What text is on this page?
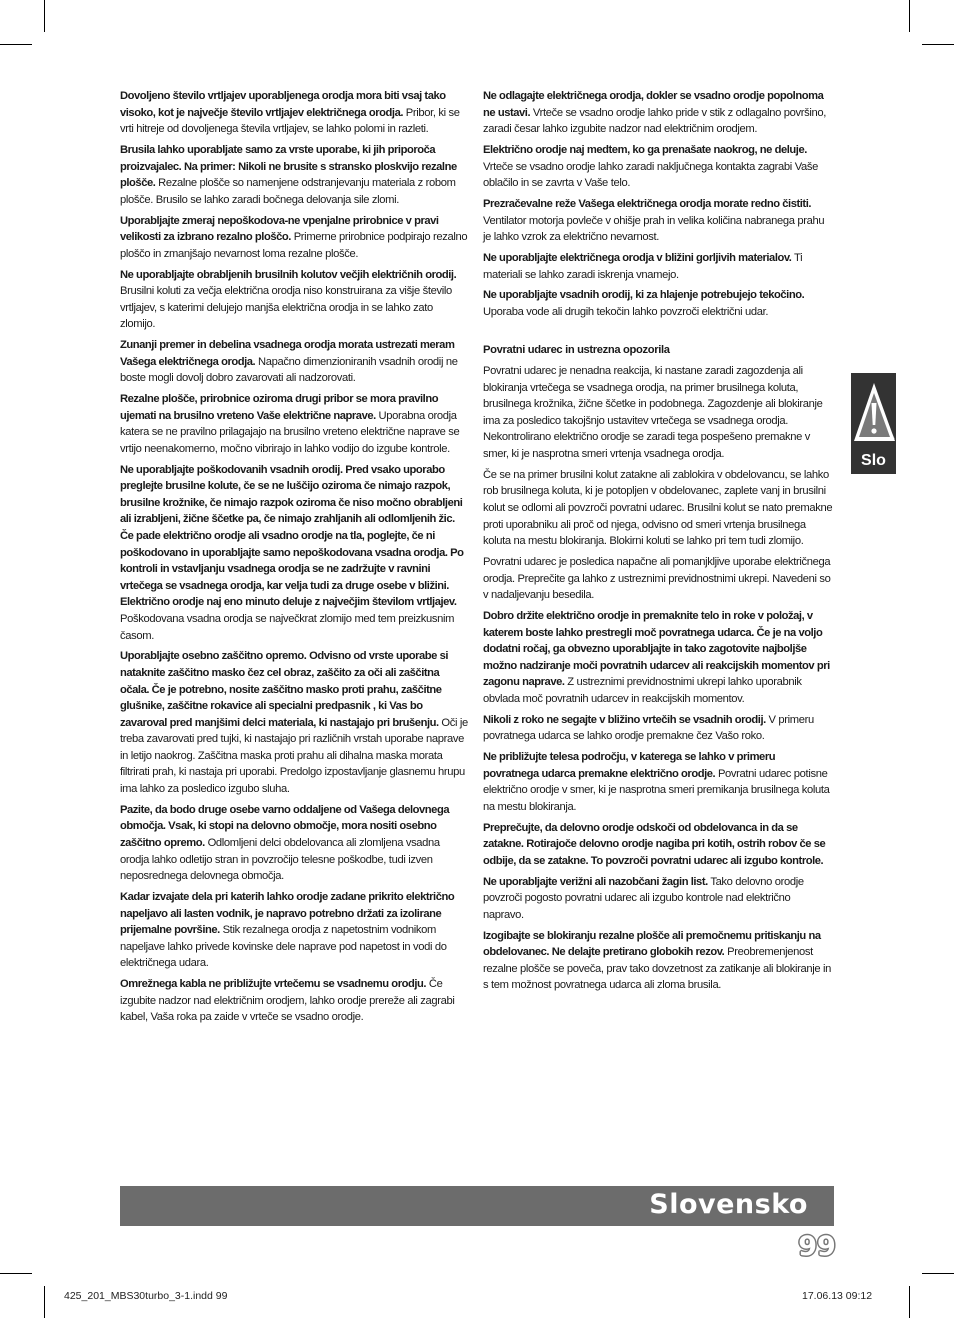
Dovoljeno število vrtljajev uporabljenega orodja mora biti vsaj tako visoko, kot je največje število vrtljajev električnega orodja. Pribor, ki se vrti hitreje od dovoljenega števila vrtljajev, se lahko polomi in razleti.

Brusila lahko uporabljate samo za vrste uporabe, ki jih priporoča proizvajalec. Na primer: Nikoli ne brusite s stransko ploskvijo rezalne plošče. Rezalne plošče so namenjene odstranjevanju materiala z robom plošče. Brusilo se lahko zaradi bočnega delovanja sile zlomi.

Uporabljajte zmeraj nepoškodova-ne vpenjalne prirobnice v pravi velikosti za izbrano rezalno ploščo. Primerne prirobnice podpirajo rezalno ploščo in zmanjšajo nevarnost loma rezalne plošče.

Ne uporabljajte obrabljenih brusilnih kolutov večjih električnih orodij. Brusilni koluti za večja električna orodja niso konstruirana za višje število vrtljajev, s katerimi delujejo manjša električna orodja in se lahko zato zlomijo.

Zunanji premer in debelina vsadnega orodja morata ustrezati meram Vašega električnega orodja. Napačno dimenzioniranih vsadnih orodij ne boste mogli dovolj dobro zavarovati ali nadzorovati.

Rezalne plošče, prirobnice oziroma drugi pribor se mora pravilno ujemati na brusilno vreteno Vaše električne naprave. Uporabna orodja katera se ne pravilno prilagajajo na brusilno vreteno električne naprave se vrtijo neenakomerno, močno vibrirajo in lahko vodijo do izgube kontrole.

Ne uporabljajte poškodovanih vsadnih orodij. Pred vsako uporabo preglejte brusilne kolute, če se ne luščijo oziroma če nimajo razpok, brusilne krožnike, če nimajo razpok oziroma če niso močno obrabljeni ali izrabljeni, žične ščetke pa, če nimajo zrahljanih ali odlomljenih žic. Če pade električno orodje ali vsadno orodje na tla, poglejte, če ni poškodovano in uporabljajte samo nepoškodovana vsadna orodja. Po kontroli in vstavljanju vsadnega orodja se ne zadržujte v ravnini vrtečega se vsadnega orodja, kar velja tudi za druge osebe v bližini. Električno orodje naj eno minuto deluje z največjim številom vrtljajev. Poškodovana vsadna orodja se največkrat zlomijo med tem preizkusnim časom.

Uporabljajte osebno zaščitno opremo. Odvisno od vrste uporabe si nataknite zaščitno masko čez cel obraz, zaščito za oči ali zaščitna očala. Če je potrebno, nosite zaščitno masko proti prahu, zaščitne glušnike, zaščitne rokavice ali specialni predpasnik , ki Vas bo zavaroval pred manjšimi delci materiala, ki nastajajo pri brušenju. Oči je treba zavarovati pred tujki, ki nastajajo pri različnih vrstah uporabe naprave in letijo naokrog. Zaščitna maska proti prahu ali dihalna maska morata filtrirati prah, ki nastaja pri uporabi. Predolgo izpostavljanje glasnemu hrupu ima lahko za posledico izgubo sluha.

Pazite, da bodo druge osebe varno oddaljene od Vašega delovnega območja. Vsak, ki stopi na delovno območje, mora nositi osebno zaščitno opremo. Odlomljeni delci obdelovanca ali zlomljena vsadna orodja lahko odletijo stran in povzročijo telesne poškodbe, tudi izven neposrednega delovnega območja.

Kadar izvajate dela pri katerih lahko orodje zadane prikrito električno napeljavo ali lasten vodnik, je napravo potrebno držati za izolirane prijemalne površine. Stik rezalnega orodja z napetostnim vodnikom napeljave lahko privede kovinske dele naprave pod napetost in vodi do električnega udara.

Omrežnega kabla ne približujte vrtečemu se vsadnemu orodju. Če izgubite nadzor nad električnim orodjem, lahko orodje prereže ali zagrabi kabel, Vaša roka pa zaide v vrteče se vsadno orodje.

Ne odlagajte električnega orodja, dokler se vsadno orodje popolnoma ne ustavi. Vrteče se vsadno orodje lahko pride v stik z odlagalno površino, zaradi česar lahko izgubite nadzor nad električnim orodjem.

Električno orodje naj medtem, ko ga prenašate naokrog, ne deluje. Vrteče se vsadno orodje lahko zaradi naključnega kontakta zagrabi Vaše oblačilo in se zavrta v Vaše telo.

Prezračevalne reže Vašega električnega orodja morate redno čistiti. Ventilator motorja povleče v ohišje prah in velika količina nabranega prahu je lahko vzrok za električno nevarnost.

Ne uporabljajte električnega orodja v bližini gorljivih materialov. Ti materiali se lahko zaradi iskrenja vnamejo.

Ne uporabljajte vsadnih orodij, ki za hlajenje potrebujejo tekočino. Uporaba vode ali drugih tekočin lahko povzroči električni udar.

Povratni udarec in ustrezna opozorila

Povratni udarec je nenadna reakcija, ki nastane zaradi zagozdenja ali blokiranja vrtečega se vsadnega orodja, na primer brusilnega koluta, brusilnega krožnika, žične ščetke in podobnega. Zagozdenje ali blokiranje ima za posledico takojšnjo ustavitev vrtečega se vsadnega orodja. Nekontrolirano električno orodje se zaradi tega pospešeno premakne v smer, ki je nasprotna smeri vrtenja vsadnega orodja.

Če se na primer brusilni kolut zatakne ali zablokira v obdelovancu, se lahko rob brusilnega koluta, ki je potopljen v obdelovanec, zaplete vanj in brusilni kolut se odlomi ali povzroči povratni udarec. Brusilni kolut se nato premakne proti uporabniku ali proč od njega, odvisno od smeri vrtenja brusilnega koluta na mestu blokiranja. Blokirni koluti se lahko pri tem tudi zlomijo.

Povratni udarec je posledica napačne ali pomanjkljive uporabe električnega orodja. Preprečite ga lahko z ustreznimi previdnostnimi ukrepi. Navedeni so v nadaljevanju besedila.

Dobro držite električno orodje in premaknite telo in roke v položaj, v katerem boste lahko prestregli moč povratnega udarca. Če je na voljo dodatni ročaj, ga obvezno uporabljajte in tako zagotovite najboljše možno nadziranje moči povratnih udarcev ali reakcijskih momentov pri zagonu naprave. Z ustreznimi previdnostnimi ukrepi lahko uporabnik obvlada moč povratnih udarcev in reakcijskih momentov.

Nikoli z roko ne segajte v bližino vrtečih se vsadnih orodij. V primeru povratnega udarca se lahko orodje premakne čez Vašo roko.

Ne približujte telesa področju, v katerega se lahko v primeru povratnega udarca premakne električno orodje. Povratni udarec potisne električno orodje v smer, ki je nasprotna smeri premikanja brusilnega koluta na mestu blokiranja.

Preprečujte, da delovno orodje odskoči od obdelovanca in da se zatakne. Rotirajoče delovno orodje nagiba pri kotih, ostrih robov če se odbije, da se zatakne. To povzroči povratni udarec ali izgubo kontrole.

Ne uporabljajte verižni ali nazobčani žagin list. Tako delovno orodje povzroči pogosto povratni udarec ali izgubo kontrole nad električno napravo.

Izogibajte se blokiranju rezalne plošče ali premočnemu pritiskanju na obdelovanec. Ne delajte pretirano globokih rezov. Preobremenjenost rezalne plošče se poveča, prav tako dovzetnost za zatikanje ali blokiranje in s tem možnost povratnega udarca ali zloma brusila.

Slo
Slovensko
99
425_201_MBS30turbo_3-1.indd 99	17.06.13 09:12
